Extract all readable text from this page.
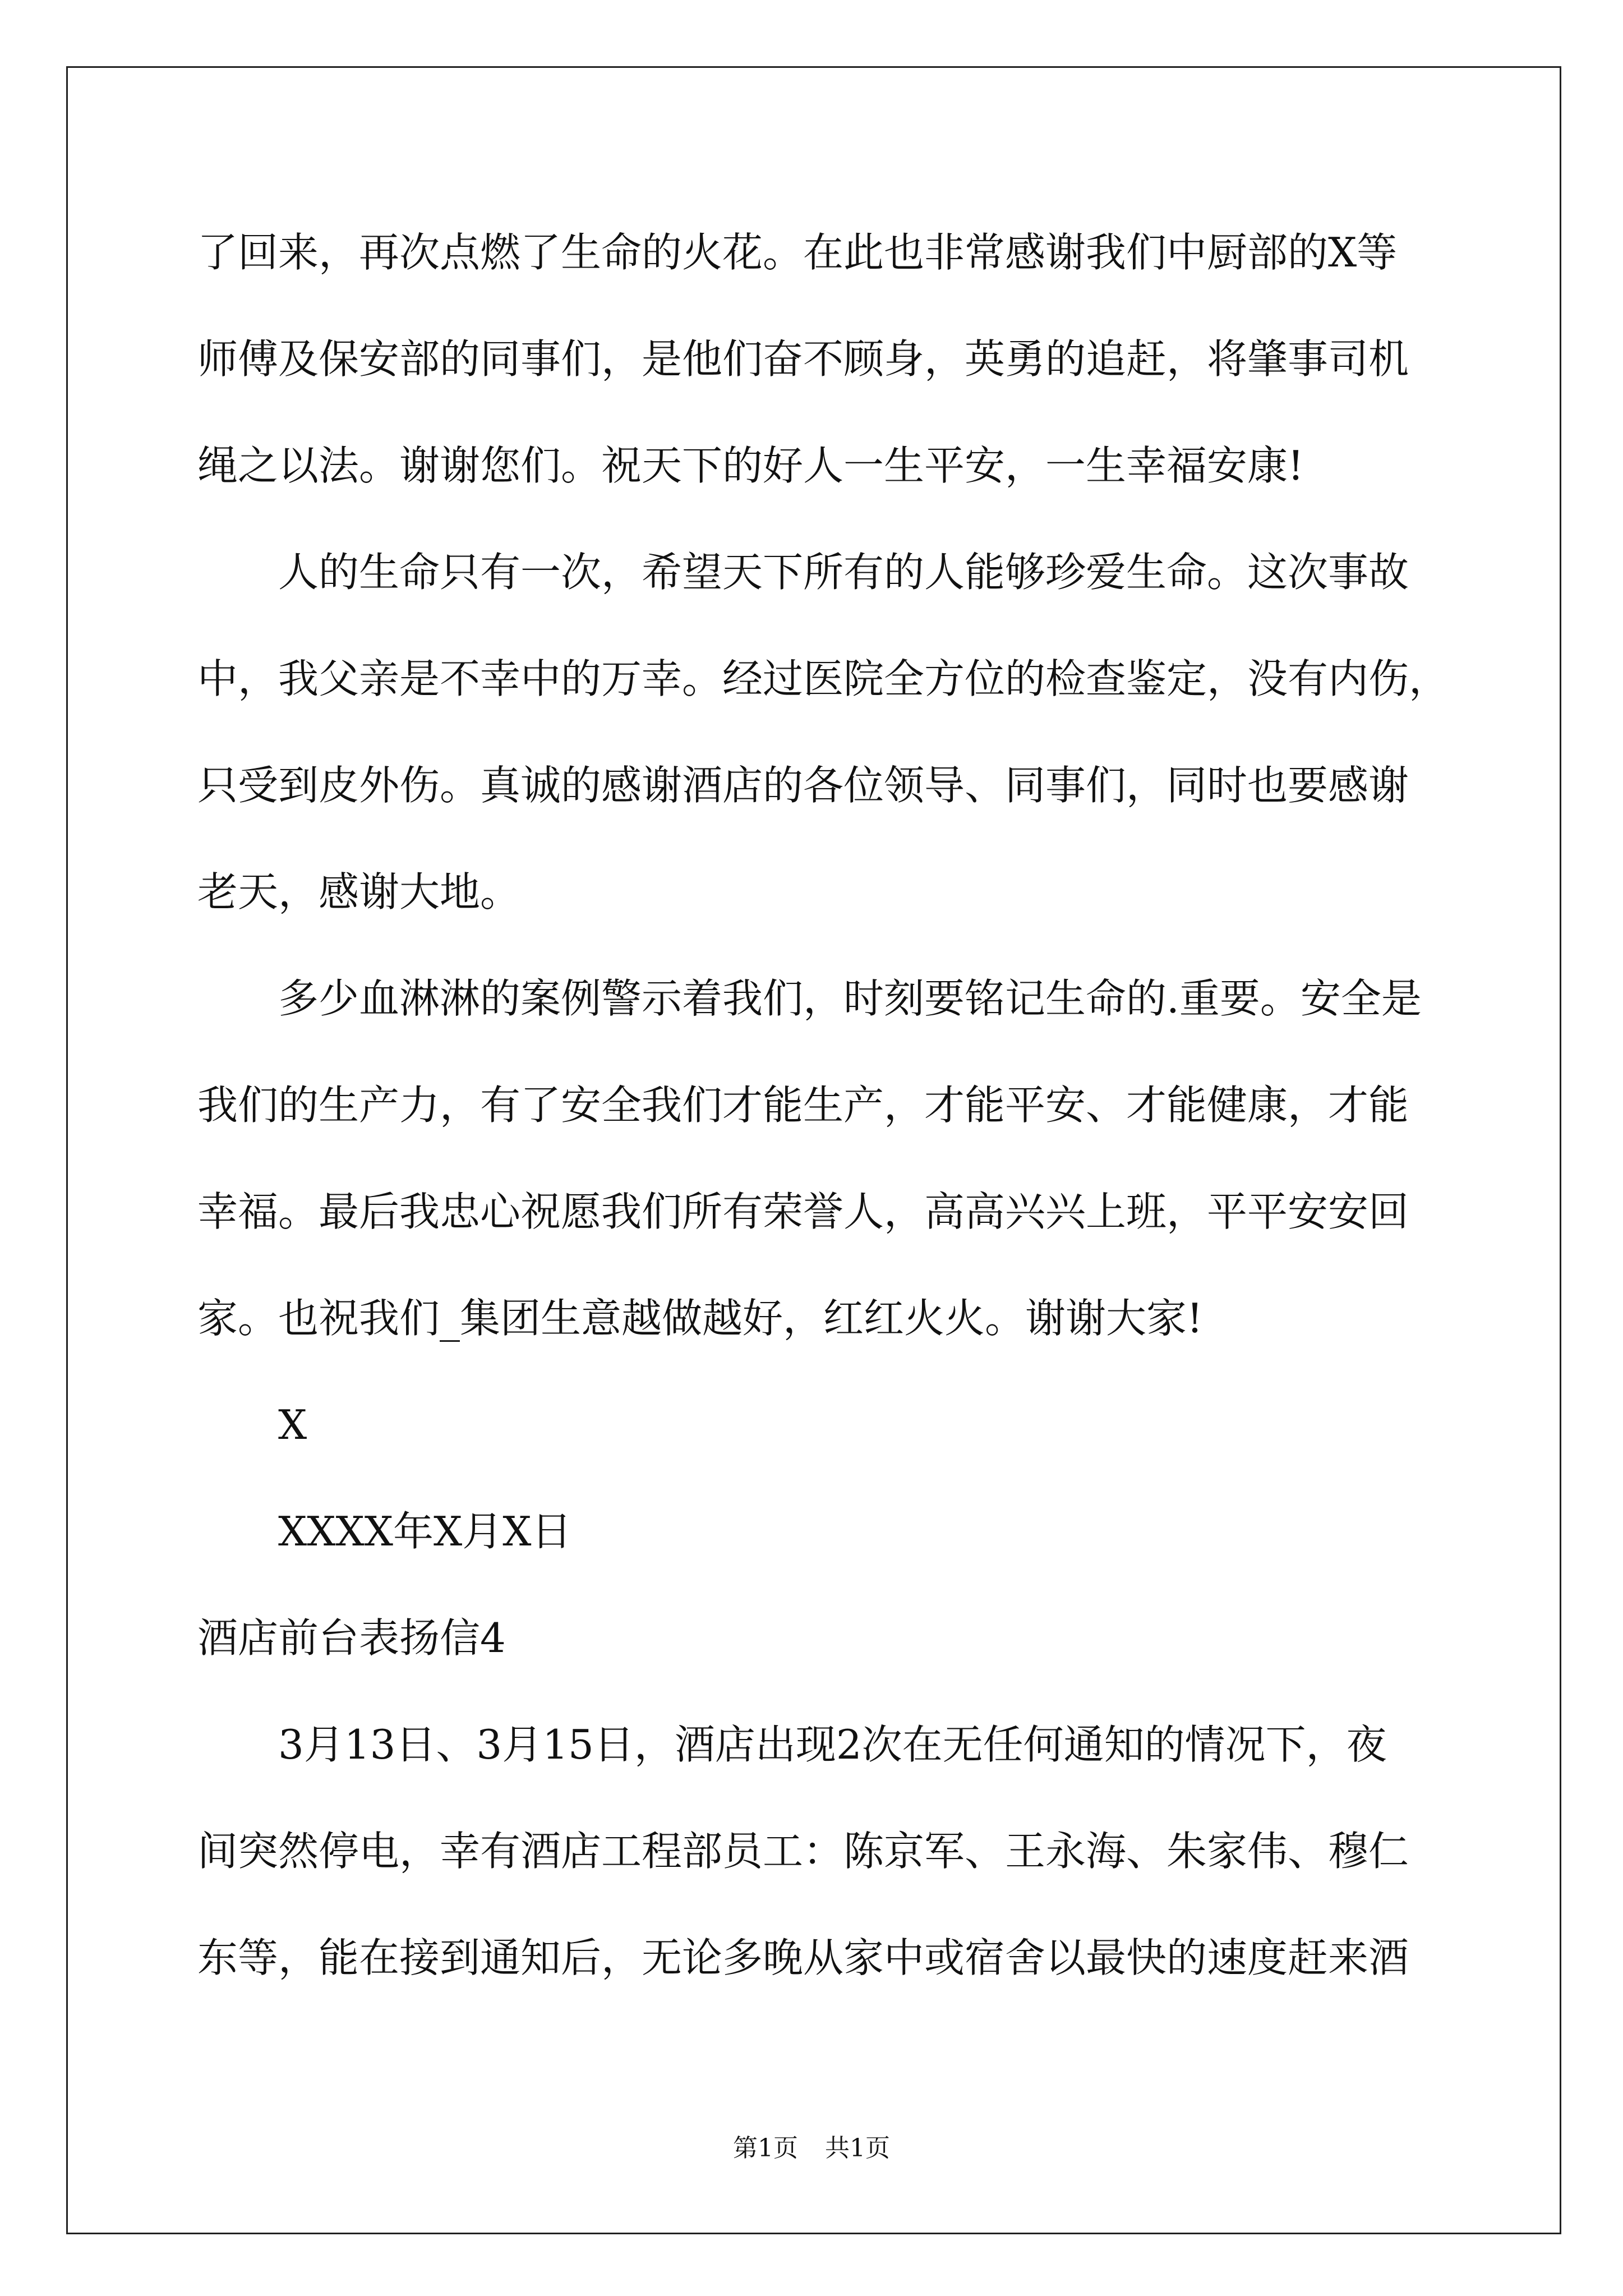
了回来，再次点燃了生命的火花。在此也非常感谢我们中厨部的X等
师傅及保安部的同事们，是他们奋不顾身，英勇的追赶，将肇事司机
绳之以法。谢谢您们。祝天下的好人一生平安，一生幸福安康!
人的生命只有一次，希望天下所有的人能够珍爱生命。这次事故
中，我父亲是不幸中的万幸。经过医院全方位的检查鉴定，没有内伤，
只受到皮外伤。真诚的感谢酒店的各位领导、同事们，同时也要感谢
老天，感谢大地。
多少血淋淋的案例警示着我们，时刻要铭记生命的.重要。安全是
我们的生产力，有了安全我们才能生产，才能平安、才能健康，才能
幸福。最后我忠心祝愿我们所有荣誉人，高高兴兴上班，平平安安回
家。也祝我们_集团生意越做越好，红红火火。谢谢大家!
X
XXXX年X月X日
酒店前台表扬信4
3月13日、3月15日，酒店出现2次在无任何通知的情况下，夜
间突然停电，幸有酒店工程部员工：陈京军、王永海、朱家伟、穆仁
东等，能在接到通知后，无论多晚从家中或宿舍以最快的速度赶来酒
第1页 共1页
